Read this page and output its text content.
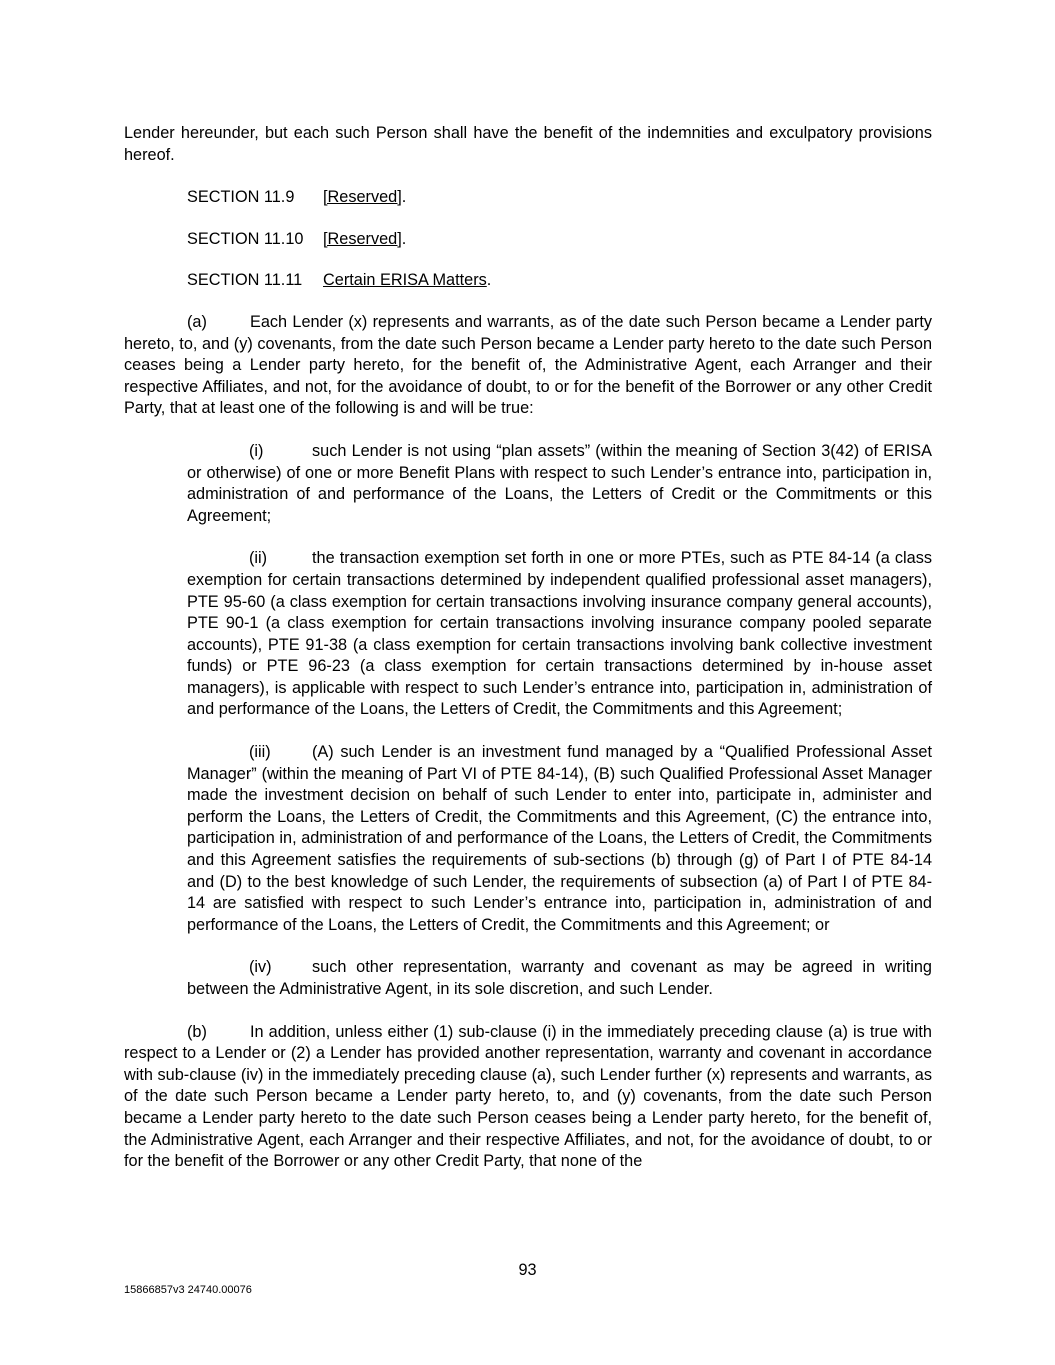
Lender hereunder, but each such Person shall have the benefit of the indemnities and exculpatory provisions hereof.

SECTION 11.9 [Reserved].

SECTION 11.10 [Reserved].

SECTION 11.11 Certain ERISA Matters.

(a)	Each Lender (x) represents and warrants, as of the date such Person became a Lender party hereto, to, and (y) covenants, from the date such Person became a Lender party hereto to the date such Person ceases being a Lender party hereto, for the benefit of, the Administrative Agent, each Arranger and their respective Affiliates, and not, for the avoidance of doubt, to or for the benefit of the Borrower or any other Credit Party, that at least one of the following is and will be true:

(i)	such Lender is not using “plan assets” (within the meaning of Section 3(42) of ERISA or otherwise) of one or more Benefit Plans with respect to such Lender’s entrance into, participation in, administration of and performance of the Loans, the Letters of Credit or the Commitments or this Agreement;

(ii)	the transaction exemption set forth in one or more PTEs, such as PTE 84-14 (a class exemption for certain transactions determined by independent qualified professional asset managers), PTE 95-60 (a class exemption for certain transactions involving insurance company general accounts), PTE 90-1 (a class exemption for certain transactions involving insurance company pooled separate accounts), PTE 91-38 (a class exemption for certain transactions involving bank collective investment funds) or PTE 96-23 (a class exemption for certain transactions determined by in-house asset managers), is applicable with respect to such Lender’s entrance into, participation in, administration of and performance of the Loans, the Letters of Credit, the Commitments and this Agreement;

(iii)	(A) such Lender is an investment fund managed by a “Qualified Professional Asset Manager” (within the meaning of Part VI of PTE 84-14), (B) such Qualified Professional Asset Manager made the investment decision on behalf of such Lender to enter into, participate in, administer and perform the Loans, the Letters of Credit, the Commitments and this Agreement, (C) the entrance into, participation in, administration of and performance of the Loans, the Letters of Credit, the Commitments and this Agreement satisfies the requirements of sub-sections (b) through (g) of Part I of PTE 84-14 and (D) to the best knowledge of such Lender, the requirements of subsection (a) of Part I of PTE 84-14 are satisfied with respect to such Lender’s entrance into, participation in, administration of and performance of the Loans, the Letters of Credit, the Commitments and this Agreement; or

(iv) such other representation, warranty and covenant as may be agreed in writing between the Administrative Agent, in its sole discretion, and such Lender.

(b)	In addition, unless either (1) sub-clause (i) in the immediately preceding clause (a) is true with respect to a Lender or (2) a Lender has provided another representation, warranty and covenant in accordance with sub-clause (iv) in the immediately preceding clause (a), such Lender further (x) represents and warrants, as of the date such Person became a Lender party hereto, to, and (y) covenants, from the date such Person became a Lender party hereto to the date such Person ceases being a Lender party hereto, for the benefit of, the Administrative Agent, each Arranger and their respective Affiliates, and not, for the avoidance of doubt, to or for the benefit of the Borrower or any other Credit Party, that none of the

93
15866857v3 24740.00076
